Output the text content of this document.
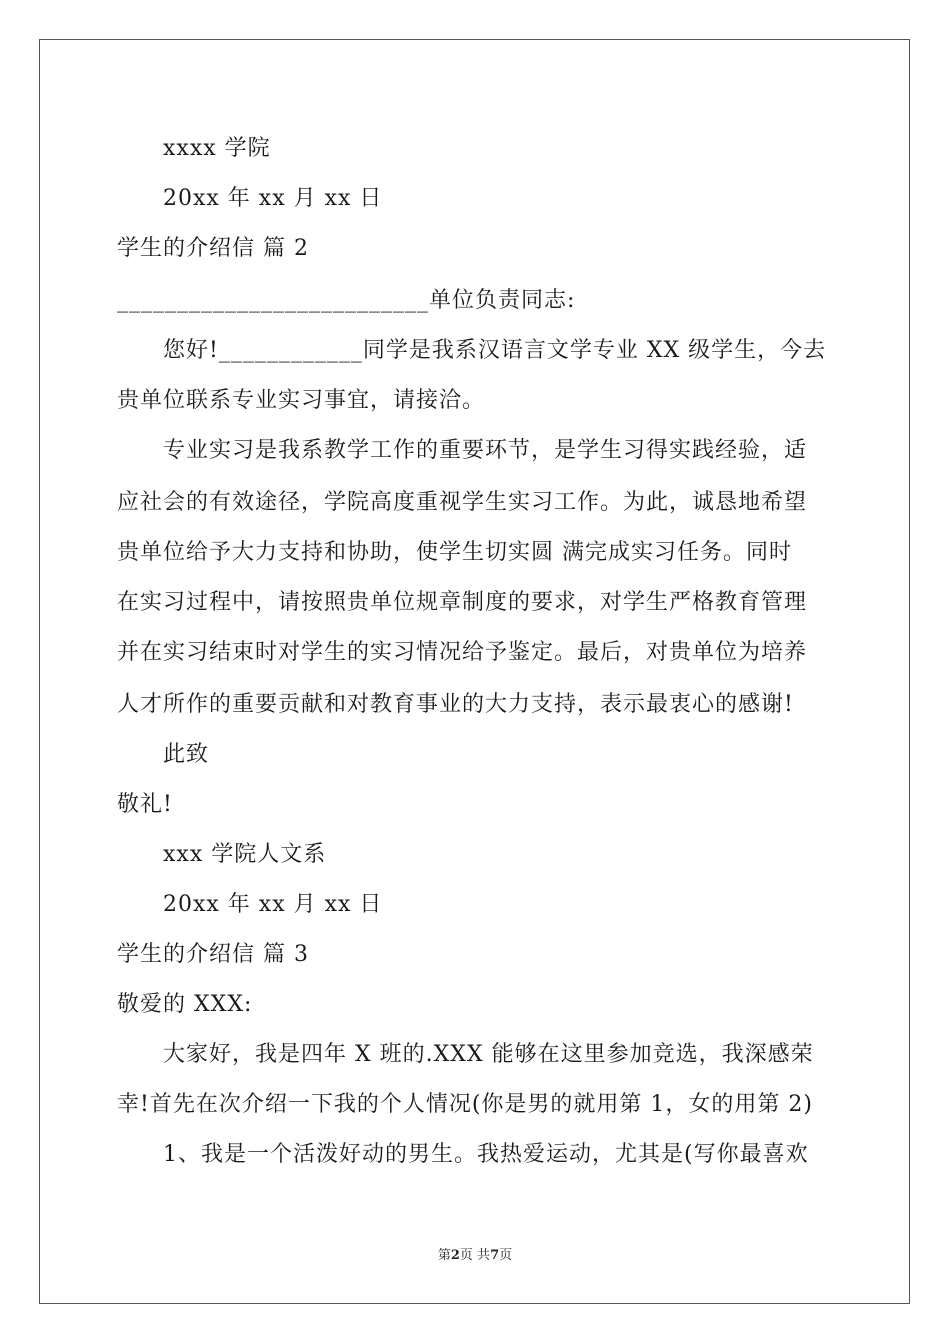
xxxx 学院
20xx 年 xx 月 xx 日
学生的介绍信 篇 2
__________________________单位负责同志:
您好!____________同学是我系汉语言文学专业 XX 级学生，今去
贵单位联系专业实习事宜，请接洽。
专业实习是我系教学工作的重要环节，是学生习得实践经验，适
应社会的有效途径，学院高度重视学生实习工作。为此，诚恳地希望
贵单位给予大力支持和协助，使学生切实圆 满完成实习任务。同时
在实习过程中，请按照贵单位规章制度的要求，对学生严格教育管理
并在实习结束时对学生的实习情况给予鉴定。最后，对贵单位为培养
人才所作的重要贡献和对教育事业的大力支持，表示最衷心的感谢!
此致
敬礼!
xxx 学院人文系
20xx 年 xx 月 xx 日
学生的介绍信 篇 3
敬爱的 XXX:
大家好，我是四年 X 班的.XXX 能够在这里参加竞选，我深感荣
幸!首先在次介绍一下我的个人情况(你是男的就用第 1，女的用第 2)
1、我是一个活泼好动的男生。我热爱运动，尤其是(写你最喜欢
第2页 共7页
